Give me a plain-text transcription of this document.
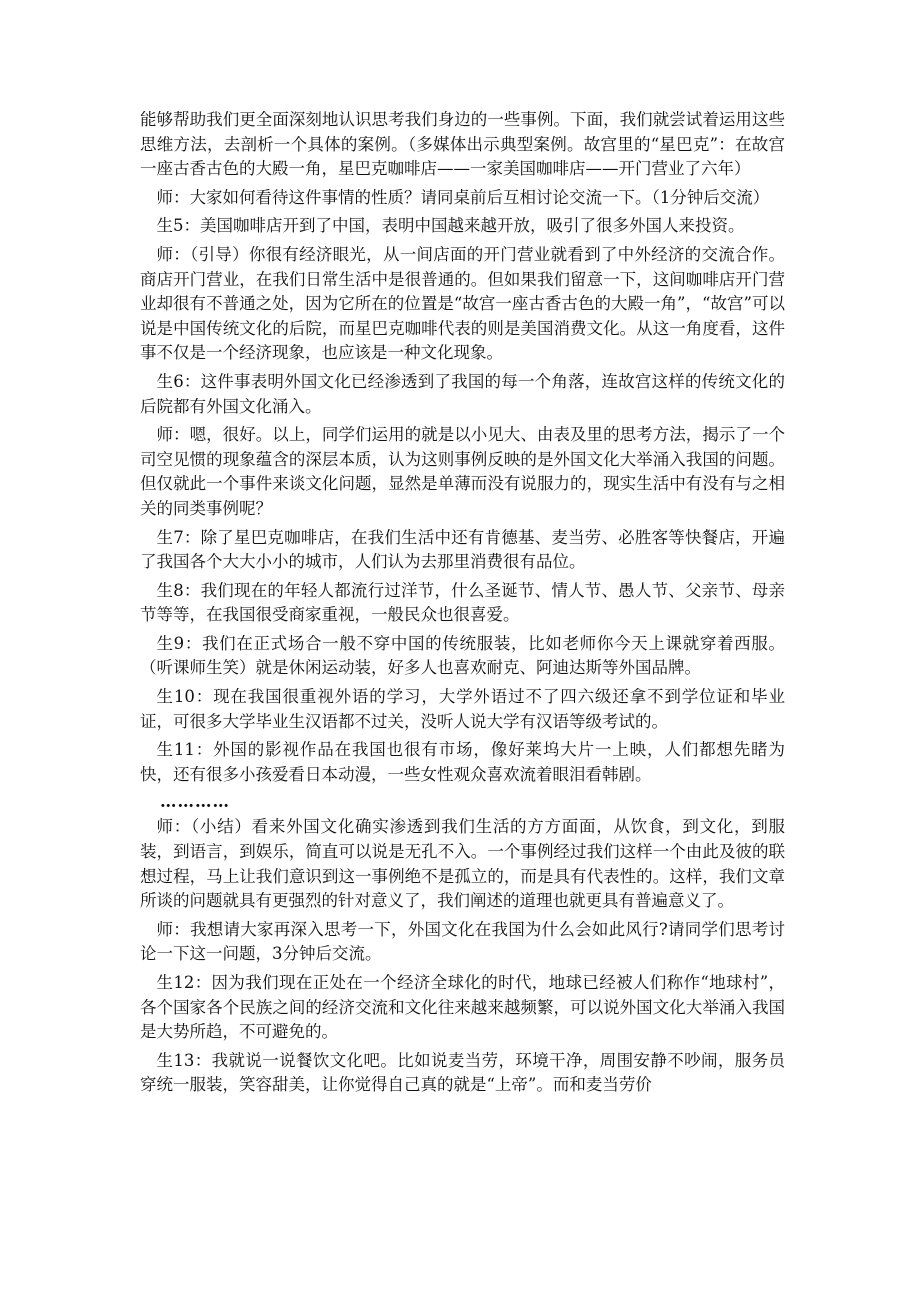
能够帮助我们更全面深刻地认识思考我们身边的一些事例。下面，我们就尝试着运用这些思维方法，去剖析一个具体的案例。（多媒体出示典型案例。故宫里的“星巴克”：在故宫一座古香古色的大殿一角，星巴克咖啡店——一家美国咖啡店——开门营业了六年）

师：大家如何看待这件事情的性质？请同桌前后互相讨论交流一下。（1分钟后交流）

生5：美国咖啡店开到了中国，表明中国越来越开放，吸引了很多外国人来投资。

师：（引导）你很有经济眼光，从一间店面的开门营业就看到了中外经济的交流合作。商店开门营业，在我们日常生活中是很普通的。但如果我们留意一下，这间咖啡店开门营业却很有不普通之处，因为它所在的位置是“故宫一座古香古色的大殿一角”，“故宫”可以说是中国传统文化的后院，而星巴克咖啡代表的则是美国消费文化。从这一角度看，这件事不仅是一个经济现象，也应该是一种文化现象。

生6：这件事表明外国文化已经渗透到了我国的每一个角落，连故宫这样的传统文化的后院都有外国文化涌入。

师：嗯，很好。以上，同学们运用的就是以小见大、由表及里的思考方法，揭示了一个司空见惯的现象蕴含的深层本质，认为这则事例反映的是外国文化大举涌入我国的问题。但仅就此一个事件来谈文化问题，显然是单薄而没有说服力的，现实生活中有没有与之相关的同类事例呢？

生7：除了星巴克咖啡店，在我们生活中还有肯德基、麦当劳、必胜客等快餐店，开遍了我国各个大大小小的城市，人们认为去那里消费很有品位。

生8：我们现在的年轻人都流行过洋节，什么圣诞节、情人节、愚人节、父亲节、母亲节等等，在我国很受商家重视，一般民众也很喜爱。

生9：我们在正式场合一般不穿中国的传统服装，比如老师你今天上课就穿着西服。（听课师生笑）就是休闲运动装，好多人也喜欢耐克、阿迪达斯等外国品牌。

生10：现在我国很重视外语的学习，大学外语过不了四六级还拿不到学位证和毕业证，可很多大学毕业生汉语都不过关，没听人说大学有汉语等级考试的。

生11：外国的影视作品在我国也很有市场，像好莱坞大片一上映，人们都想先睹为快，还有很多小孩爱看日本动漫，一些女性观众喜欢流着眼泪看韩剧。

…………

师：（小结）看来外国文化确实渗透到我们生活的方方面面，从饮食，到文化，到服装，到语言，到娱乐，简直可以说是无孔不入。一个事例经过我们这样一个由此及彼的联想过程，马上让我们意识到这一事例绝不是孤立的，而是具有代表性的。这样，我们文章所谈的问题就具有更强烈的针对意义了，我们阐述的道理也就更具有普遍意义了。

师：我想请大家再深入思考一下，外国文化在我国为什么会如此风行?请同学们思考讨论一下这一问题，3分钟后交流。

生12：因为我们现在正处在一个经济全球化的时代，地球已经被人们称作“地球村”，各个国家各个民族之间的经济交流和文化往来越来越频繁，可以说外国文化大举涌入我国是大势所趋，不可避免的。

生13：我就说一说餐饮文化吧。比如说麦当劳，环境干净，周围安静不吵闹，服务员穿统一服装，笑容甜美，让你觉得自己真的就是“上帝”。而和麦当劳价
